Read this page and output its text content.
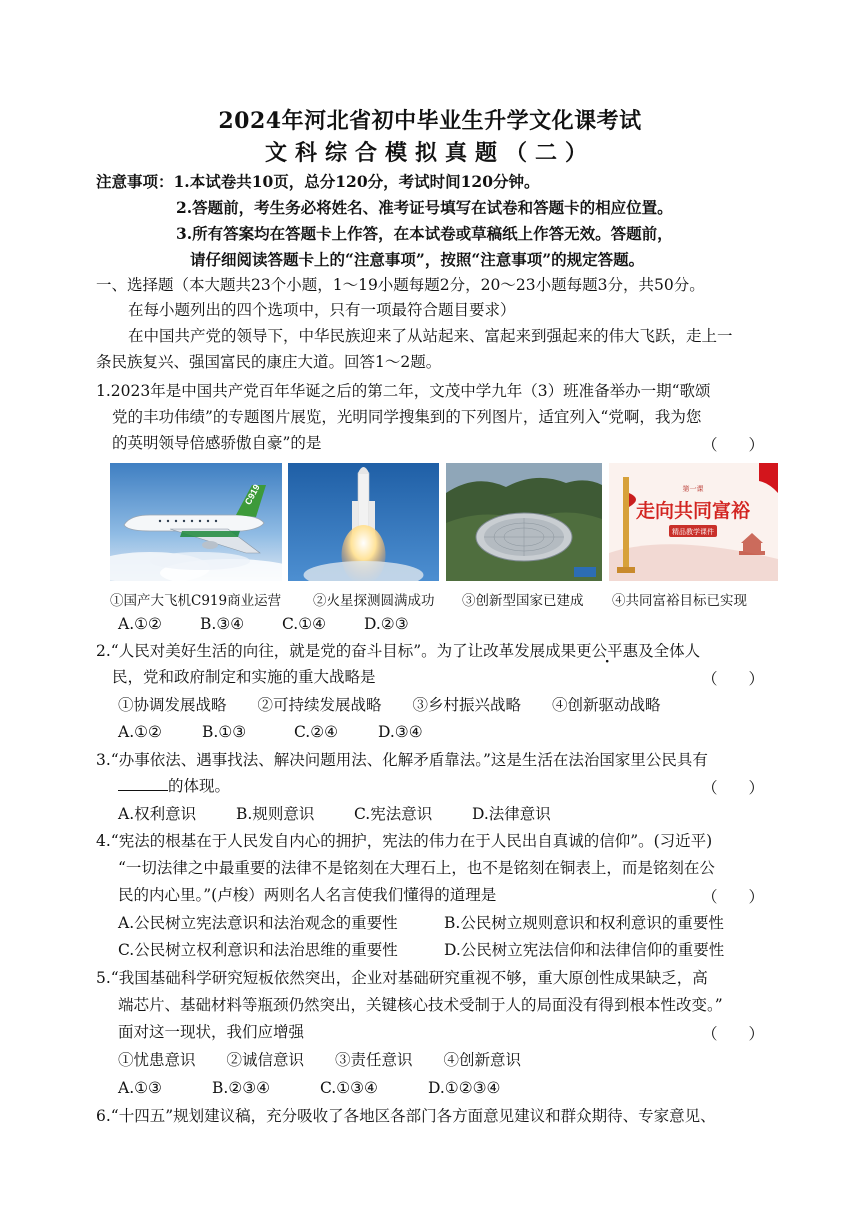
2024年河北省初中毕业生升学文化课考试
文科综合模拟真题（二）
注意事项：1.本试卷共10页，总分120分，考试时间120分钟。
2.答题前，考生务必将姓名、准考证号填写在试卷和答题卡的相应位置。
3.所有答案均在答题卡上作答，在本试卷或草稿纸上作答无效。答题前，
请仔细阅读答题卡上的“注意事项”，按照“注意事项”的规定答题。
一、选择题（本大题共23个小题，1～19小题每题2分，20～23小题每题3分，共50分。
在每小题列出的四个选项中，只有一项最符合题目要求）
在中国共产党的领导下，中华民族迎来了从站起来、富起来到强起来的伟大飞跃，走上一
条民族复兴、强国富民的康庄大道。回答1～2题。
1.2023年是中国共产党百年华诞之后的第二年，文茂中学九年（3）班准备举办一期“歌颂
党的丰功伟绩”的专题图片展览，光明同学搜集到的下列图片，适宜列入“党啊，我为您
的英明领导倍感骄傲自豪”的是	（　　）
C919	第一课
走向共同富裕
精品教学课件
①国产大飞机C919商业运营 ②火星探测圆满成功 ③创新型国家已建成 ④共同富裕目标已实现
A.①② B.③④ C.①④ D.②③
2.“人民对美好生活的向往，就是党的奋斗目标”。为了让改革发展成果更公平惠及全体人
民，党和政府制定和实施的重大战略是	（　　）
①协调发展战略　　②可持续发展战略　　③乡村振兴战略　　④创新驱动战略
A.①②	B.①③	C.②④	D.③④
3.“办事依法、遇事找法、解决问题用法、化解矛盾靠法。”这是生活在法治国家里公民具有
的体现。	（　　）
A.权利意识	B.规则意识	C.宪法意识	D.法律意识
4.“宪法的根基在于人民发自内心的拥护，宪法的伟力在于人民出自真诚的信仰”。(习近平)
“一切法律之中最重要的法律不是铭刻在大理石上，也不是铭刻在铜表上，而是铭刻在公
民的内心里。”(卢梭）两则名人名言使我们懂得的道理是	（　　）
A.公民树立宪法意识和法治观念的重要性	B.公民树立规则意识和权利意识的重要性
C.公民树立权利意识和法治思维的重要性	D.公民树立宪法信仰和法律信仰的重要性
5.“我国基础科学研究短板依然突出，企业对基础研究重视不够，重大原创性成果缺乏，高
端芯片、基础材料等瓶颈仍然突出，关键核心技术受制于人的局面没有得到根本性改变。”
面对这一现状，我们应增强	（　　）
①忧患意识　　②诚信意识　　③责任意识　　④创新意识
A.①③	B.②③④	C.①③④	D.①②③④
6.“十四五”规划建议稿，充分吸收了各地区各部门各方面意见建议和群众期待、专家意见、
